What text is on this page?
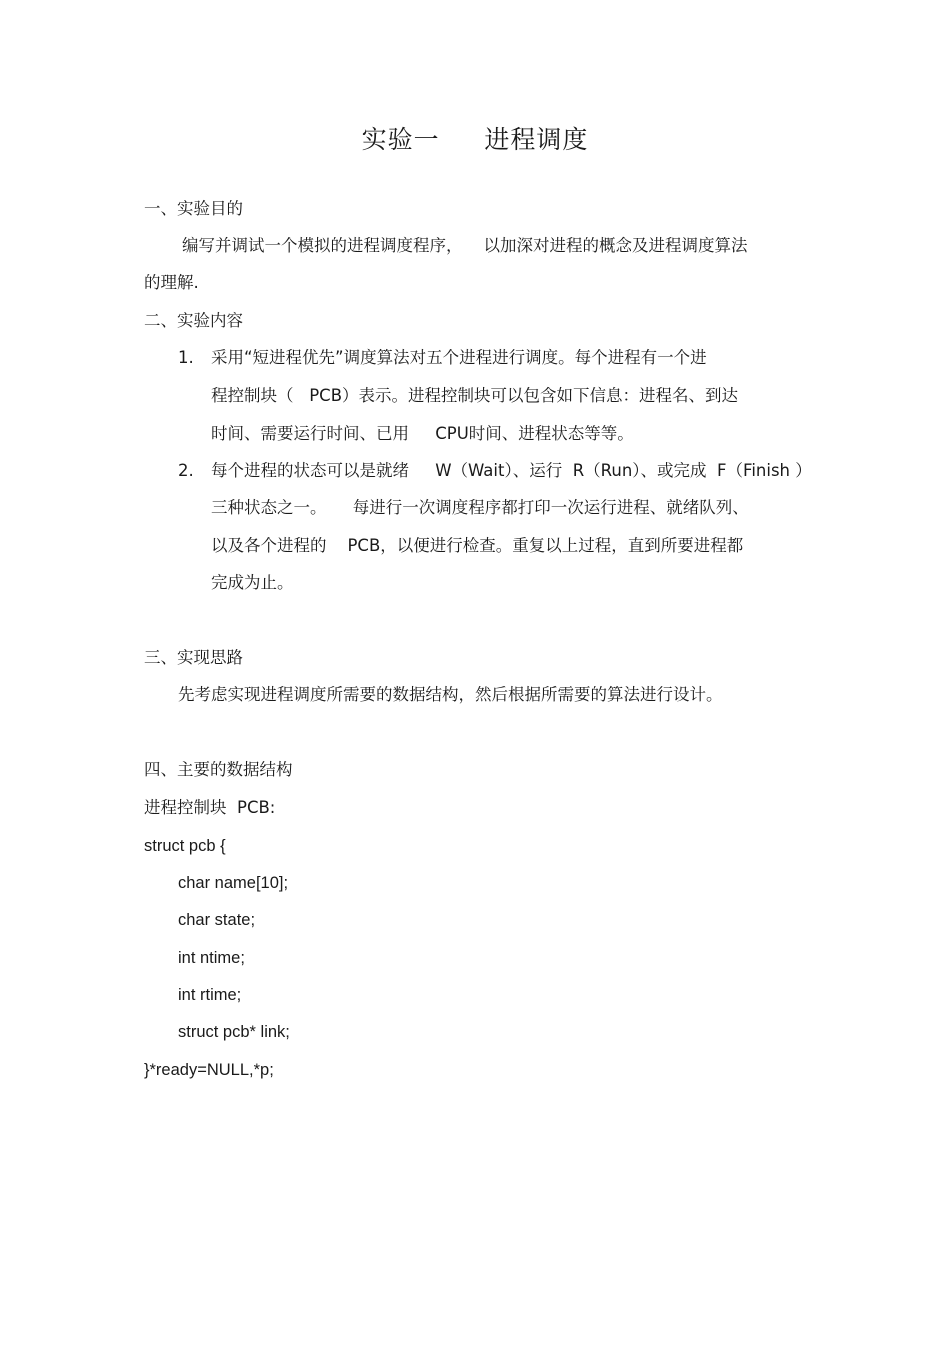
实验一     进程调度
一、实验目的
编写并调试一个模拟的进程调度程序，    以加深对进程的概念及进程调度算法
的理解.
二、实验内容
1. 采用“短进程优先”调度算法对五个进程进行调度。每个进程有一个进
程控制块（   PCB）表示。进程控制块可以包含如下信息：进程名、到达
时间、需要运行时间、已用     CPU时间、进程状态等等。
2. 每个进程的状态可以是就绪     W（Wait）、运行  R（Run）、或完成  F（Finish ）
三种状态之一。     每进行一次调度程序都打印一次运行进程、就绪队列、
以及各个进程的    PCB，以便进行检查。重复以上过程，直到所要进程都
完成为止。
三、实现思路
先考虑实现进程调度所需要的数据结构，然后根据所需要的算法进行设计。
四、主要的数据结构
进程控制块  PCB:
struct pcb {
char name[10];
char state;
int ntime;
int rtime;
struct pcb* link;
}*ready=NULL,*p;
